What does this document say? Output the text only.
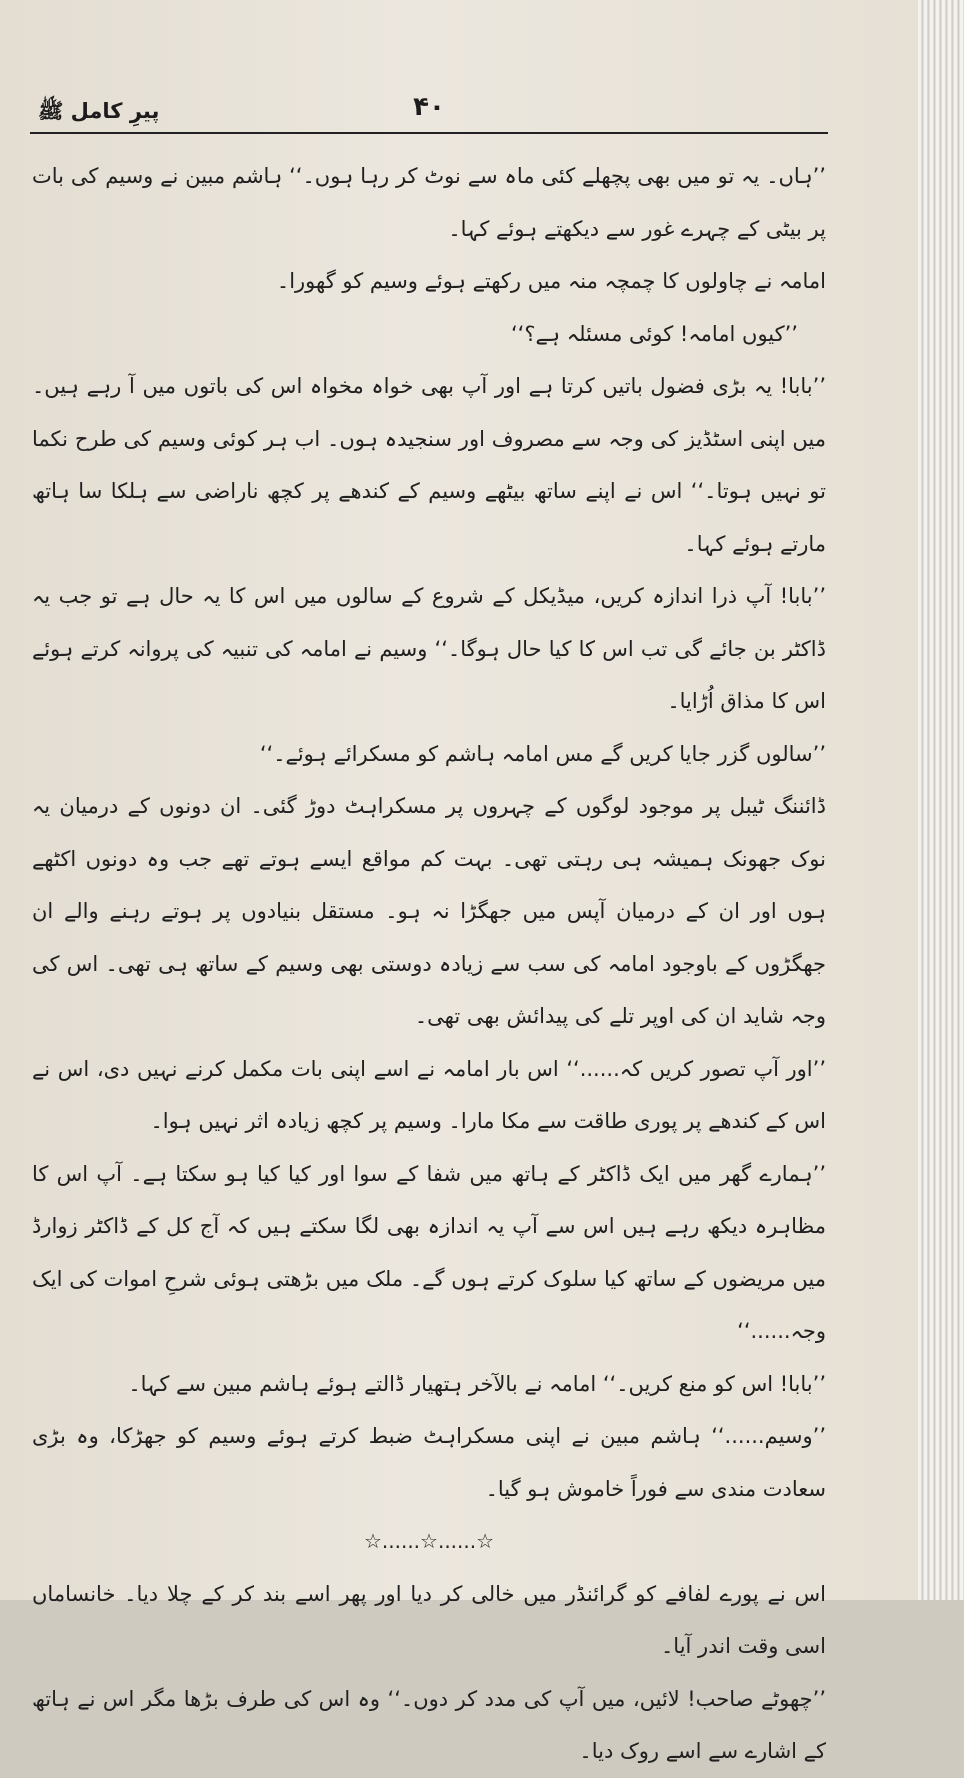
پیرِ کامل ﷺ	۴۰

’’ہاں۔ یہ تو میں بھی پچھلے کئی ماہ سے نوٹ کر رہا ہوں۔‘‘ ہاشم مبین نے وسیم کی بات پر بیٹی کے چہرے غور سے دیکھتے ہوئے کہا۔

امامہ نے چاولوں کا چمچہ منہ میں رکھتے ہوئے وسیم کو گھورا۔

’’کیوں امامہ! کوئی مسئلہ ہے؟‘‘

’’بابا! یہ بڑی فضول باتیں کرتا ہے اور آپ بھی خواہ مخواہ اس کی باتوں میں آ رہے ہیں۔ میں اپنی اسٹڈیز کی وجہ سے مصروف اور سنجیدہ ہوں۔ اب ہر کوئی وسیم کی طرح نکما تو نہیں ہوتا۔‘‘ اس نے اپنے ساتھ بیٹھے وسیم کے کندھے پر کچھ ناراضی سے ہلکا سا ہاتھ مارتے ہوئے کہا۔

’’بابا! آپ ذرا اندازہ کریں، میڈیکل کے شروع کے سالوں میں اس کا یہ حال ہے تو جب یہ ڈاکٹر بن جائے گی تب اس کا کیا حال ہوگا۔‘‘ وسیم نے امامہ کی تنبیہ کی پروانہ کرتے ہوئے اس کا مذاق اُڑایا۔

’’سالوں گزر جایا کریں گے مس امامہ ہاشم کو مسکرائے ہوئے۔‘‘

ڈائننگ ٹیبل پر موجود لوگوں کے چہروں پر مسکراہٹ دوڑ گئی۔ ان دونوں کے درمیان یہ نوک جھونک ہمیشہ ہی رہتی تھی۔ بہت کم مواقع ایسے ہوتے تھے جب وہ دونوں اکٹھے ہوں اور ان کے درمیان آپس میں جھگڑا نہ ہو۔ مستقل بنیادوں پر ہوتے رہنے والے ان جھگڑوں کے باوجود امامہ کی سب سے زیادہ دوستی بھی وسیم کے ساتھ ہی تھی۔ اس کی وجہ شاید ان کی اوپر تلے کی پیدائش بھی تھی۔

’’اور آپ تصور کریں کہ......‘‘ اس بار امامہ نے اسے اپنی بات مکمل کرنے نہیں دی، اس نے اس کے کندھے پر پوری طاقت سے مکا مارا۔ وسیم پر کچھ زیادہ اثر نہیں ہوا۔

’’ہمارے گھر میں ایک ڈاکٹر کے ہاتھ میں شفا کے سوا اور کیا کیا ہو سکتا ہے۔ آپ اس کا مظاہرہ دیکھ رہے ہیں اس سے آپ یہ اندازہ بھی لگا سکتے ہیں کہ آج کل کے ڈاکٹر زوارڈ میں مریضوں کے ساتھ کیا سلوک کرتے ہوں گے۔ ملک میں بڑھتی ہوئی شرحِ اموات کی ایک وجہ......‘‘

’’بابا! اس کو منع کریں۔‘‘ امامہ نے بالآخر ہتھیار ڈالتے ہوئے ہاشم مبین سے کہا۔

’’وسیم......‘‘ ہاشم مبین نے اپنی مسکراہٹ ضبط کرتے ہوئے وسیم کو جھڑکا، وہ بڑی سعادت مندی سے فوراً خاموش ہو گیا۔

☆......☆......☆

اس نے پورے لفافے کو گرائنڈر میں خالی کر دیا اور پھر اسے بند کر کے چلا دیا۔ خانساماں اسی وقت اندر آیا۔

’’چھوٹے صاحب! لائیں، میں آپ کی مدد کر دوں۔‘‘ وہ اس کی طرف بڑھا مگر اس نے ہاتھ کے اشارے سے اسے روک دیا۔
